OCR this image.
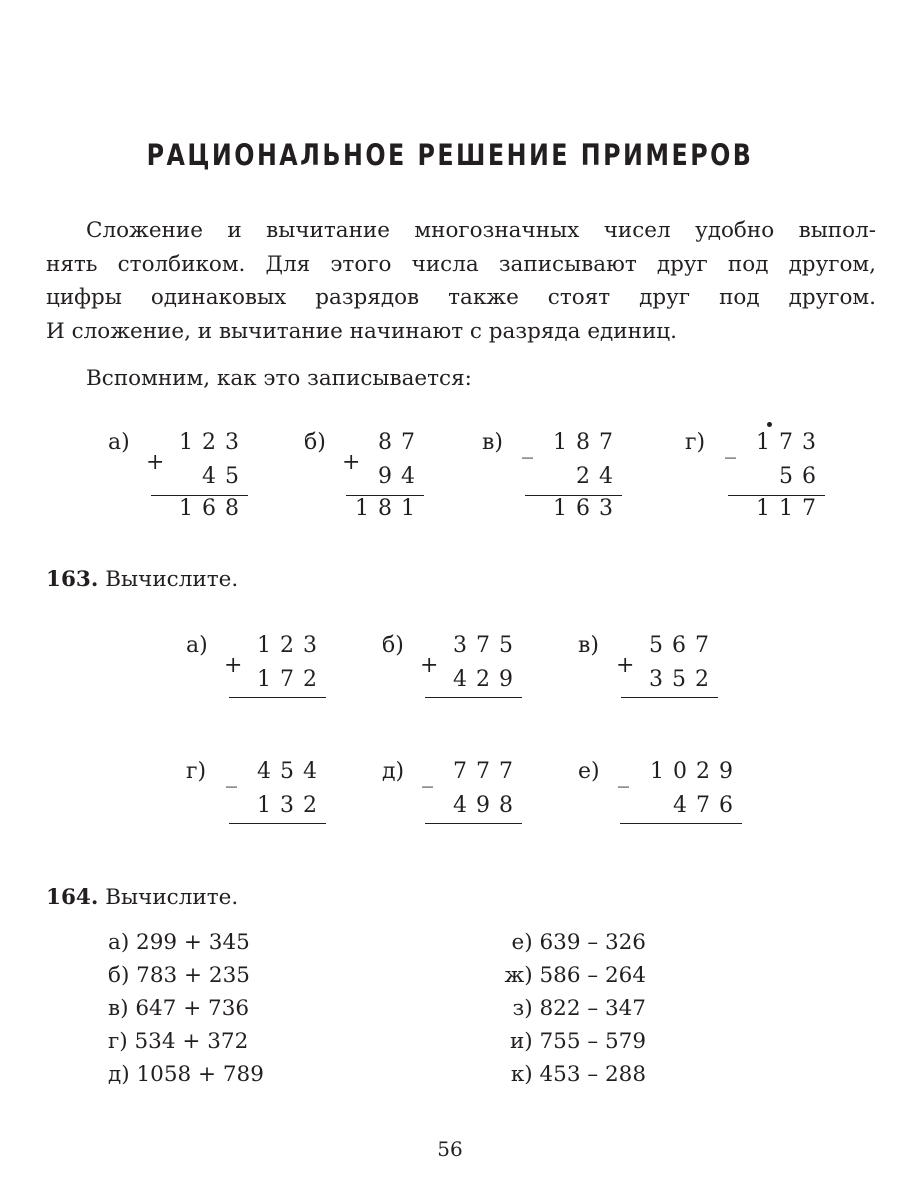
РАЦИОНАЛЬНОЕ РЕШЕНИЕ ПРИМЕРОВ

Сложение и вычитание многозначных чисел удобно выпол-
нять столбиком. Для этого числа записывают друг под другом,
цифры одинаковых разрядов также стоят друг под другом.
И сложение, и вычитание начинают с разряда единиц.

Вспомним, как это записывается:

а)
+
123
45
168
б)
+
87
94
181
в) _ 187
24
163
г) _ 173
56
117

163. Вычислите.

а)
+
123
172
б)
+
375
429
в)
+
567
352
г) _ 454
132
д) _ 777
498
е) _ 1029
476

164. Вычислите.

а) 299 + 345
б) 783 + 235
в) 647 + 736
г) 534 + 372
д) 1058 + 789
е) 639 – 326
ж) 586 – 264
з) 822 – 347
и) 755 – 579
к) 453 – 288
56
